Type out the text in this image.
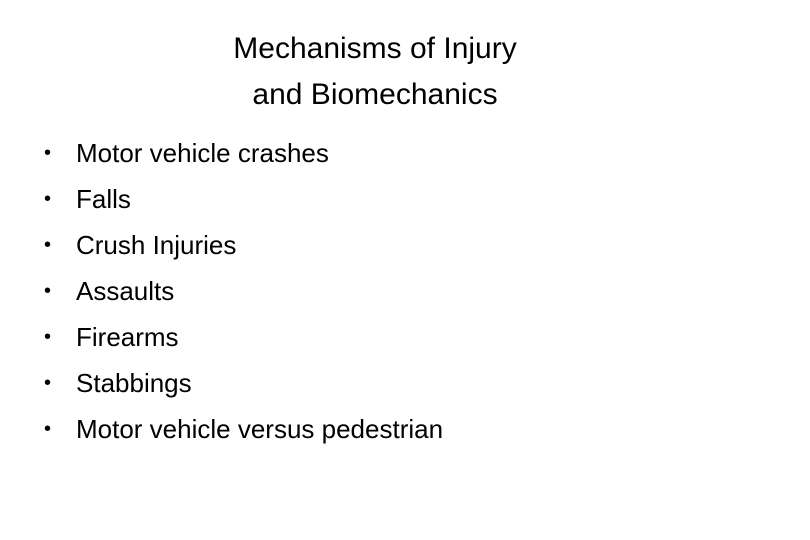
Mechanisms of Injury
and Biomechanics
• Motor vehicle crashes
• Falls
• Crush Injuries
• Assaults
• Firearms
• Stabbings
• Motor vehicle versus pedestrian
